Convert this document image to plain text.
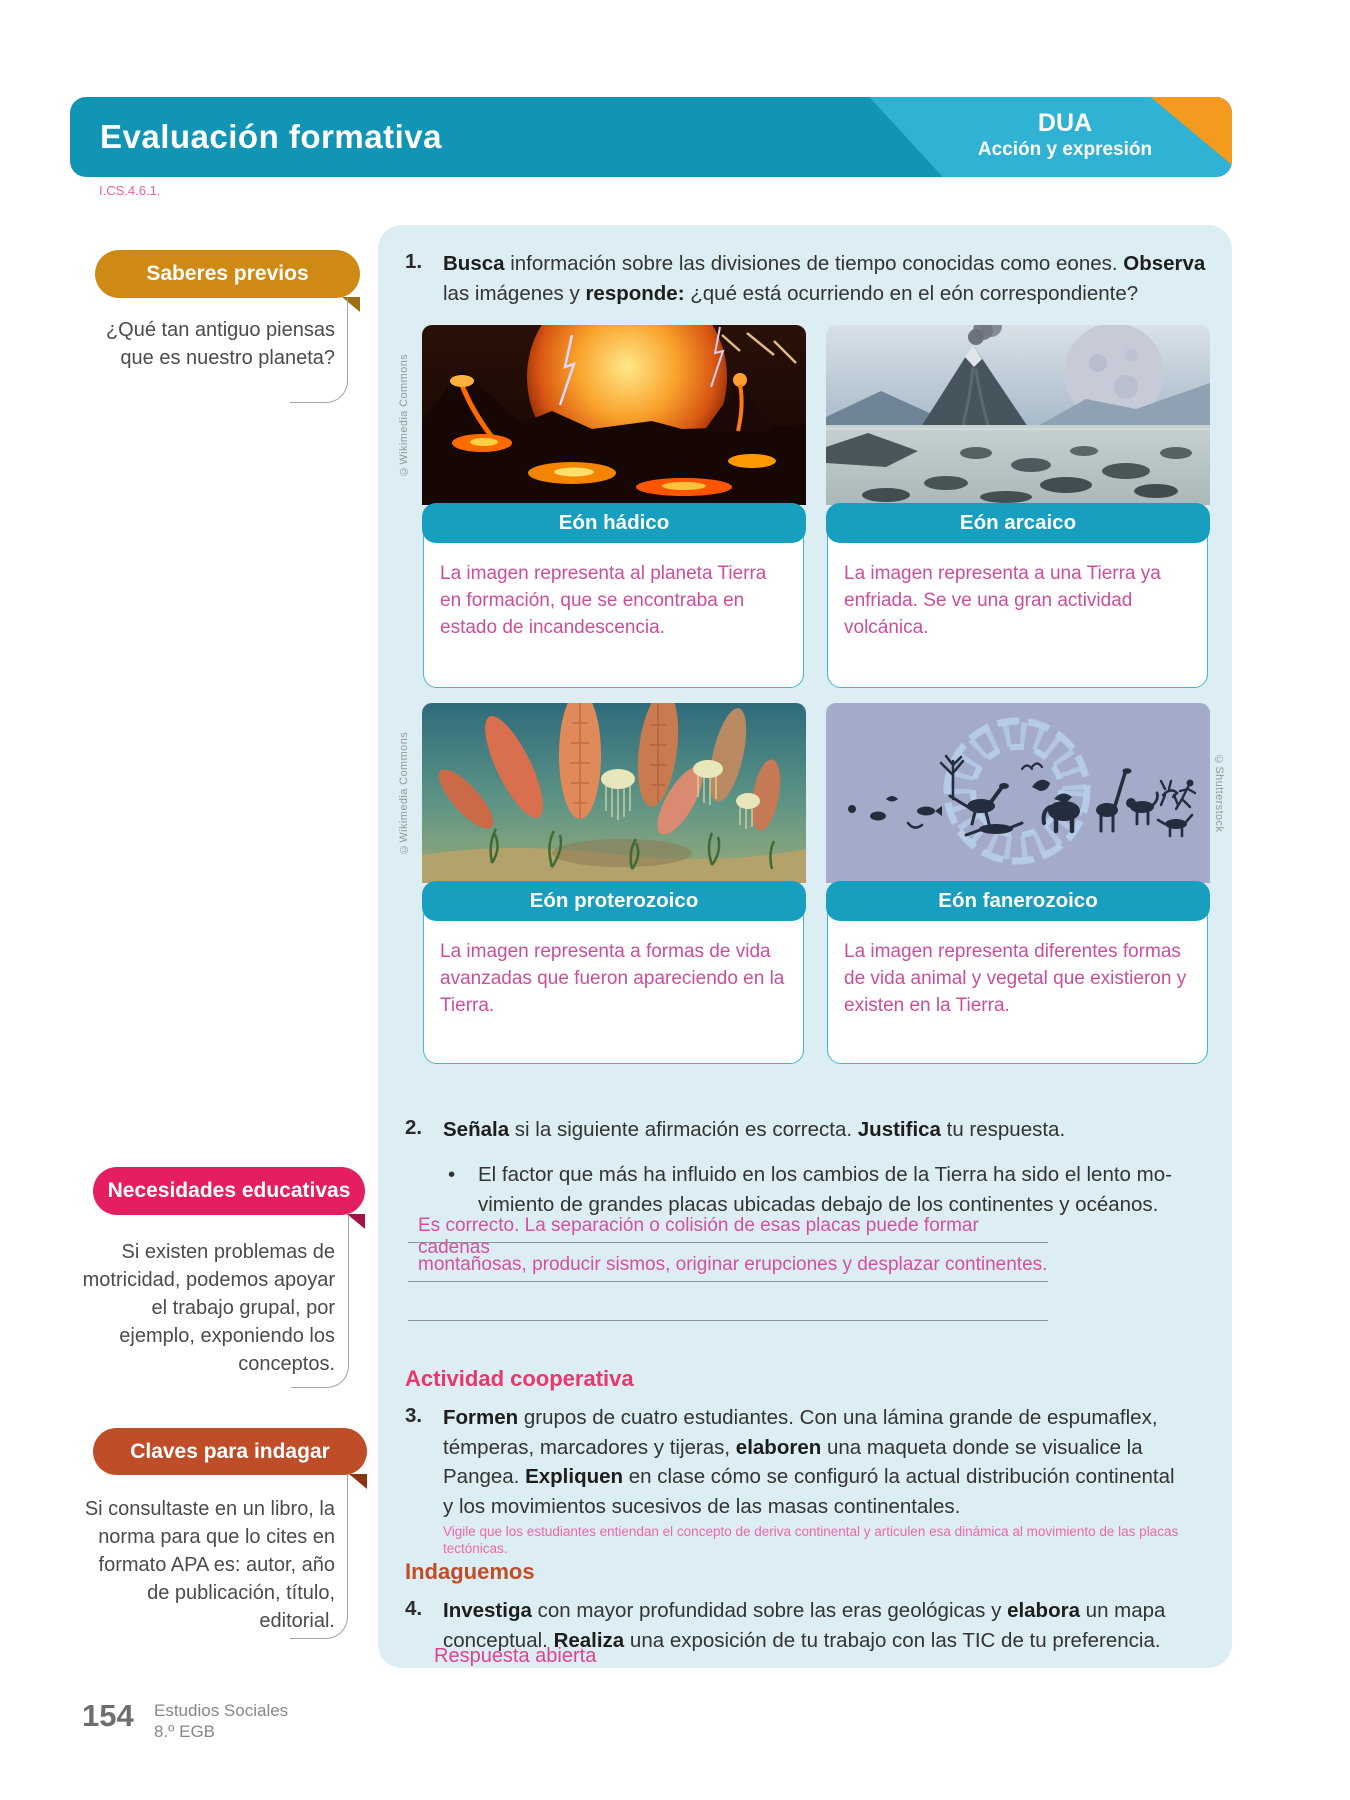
Evaluación formativa	DUA
Acción y expresión
I.CS.4.6.1.
Saberes previos
¿Qué tan antiguo piensas que es nuestro planeta?
Necesidades educativas
Si existen problemas de motricidad, podemos apoyar el trabajo grupal, por ejemplo, exponiendo los conceptos.
Claves para indagar
Si consultaste en un libro, la norma para que lo cites en formato APA es: autor, año de publicación, título, editorial.
1. Busca información sobre las divisiones de tiempo conocidas como eones. Observa
las imágenes y responde: ¿qué está ocurriendo en el eón correspondiente?
©Wikimedia Commons
Eón hádico
La imagen representa al planeta Tierra en formación, que se encontraba en estado de incandescencia.
Eón arcaico
La imagen representa a una Tierra ya enfriada. Se ve una gran actividad volcánica.
©Wikimedia Commons
Eón proterozoico
La imagen representa a formas de vida avanzadas que fueron apareciendo en la Tierra.
©Shutterstock
Eón fanerozoico
La imagen representa diferentes formas de vida animal y vegetal que existieron y existen en la Tierra.
2. Señala si la siguiente afirmación es correcta. Justifica tu respuesta.
• El factor que más ha influido en los cambios de la Tierra ha sido el lento mo-
vimiento de grandes placas ubicadas debajo de los continentes y océanos.
Es correcto. La separación o colisión de esas placas puede formar cadenas
montañosas, producir sismos, originar erupciones y desplazar continentes.
Actividad cooperativa
3. Formen grupos de cuatro estudiantes. Con una lámina grande de espumaflex,
témperas, marcadores y tijeras, elaboren una maqueta donde se visualice la
Pangea. Expliquen en clase cómo se configuró la actual distribución continental
y los movimientos sucesivos de las masas continentales.
Vigile que los estudiantes entiendan el concepto de deriva continental y articulen esa dinámica al movimiento de las placas
tectónicas.
Indaguemos
4. Investiga con mayor profundidad sobre las eras geológicas y elabora un mapa
conceptual. Realiza una exposición de tu trabajo con las TIC de tu preferencia.
Respuesta abierta
154 Estudios Sociales
8.º EGB
